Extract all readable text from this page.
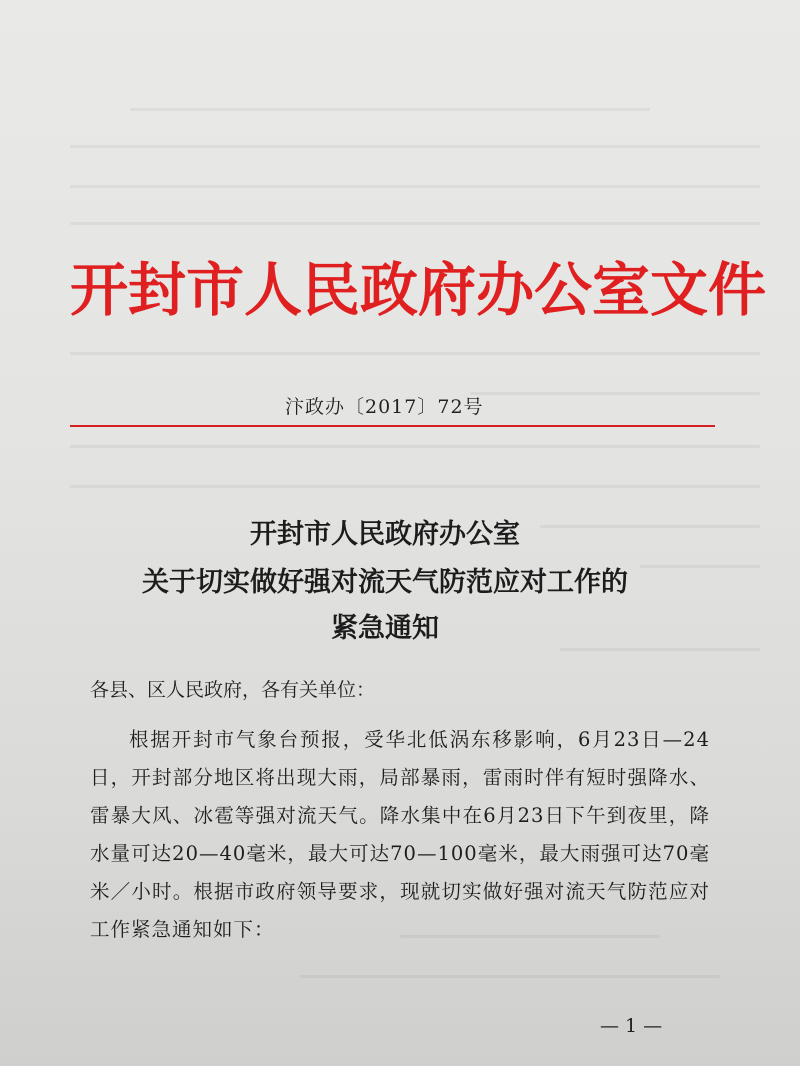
开封市人民政府办公室文件
汴政办〔2017〕72号
开封市人民政府办公室
关于切实做好强对流天气防范应对工作的
紧急通知
各县、区人民政府，各有关单位：
根据开封市气象台预报，受华北低涡东移影响，6月23日—24日，开封部分地区将出现大雨，局部暴雨，雷雨时伴有短时强降水、雷暴大风、冰雹等强对流天气。降水集中在6月23日下午到夜里，降水量可达20—40毫米，最大可达70—100毫米，最大雨强可达70毫米／小时。根据市政府领导要求，现就切实做好强对流天气防范应对工作紧急通知如下：
— 1 —
